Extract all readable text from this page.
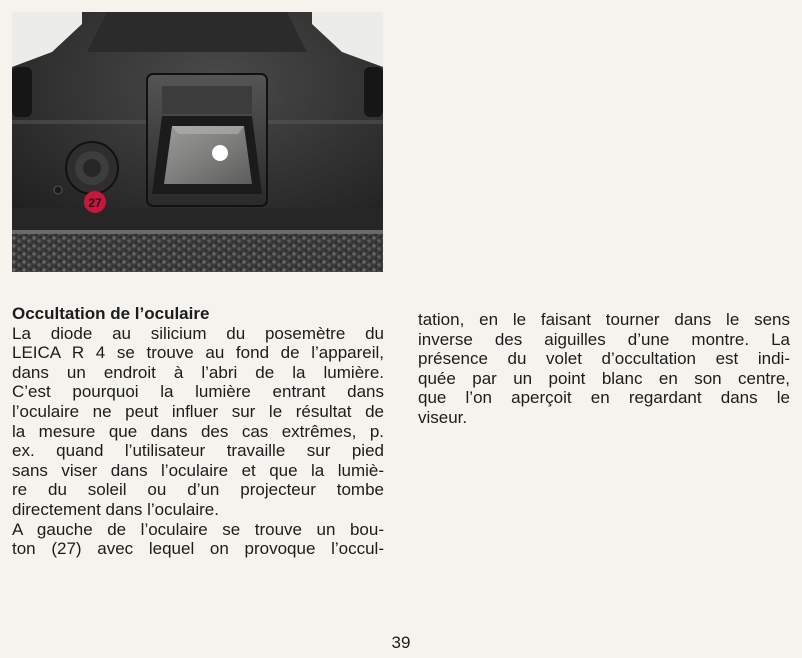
27
Occultation de l’oculaire
La diode au silicium du posemètre du
LEICA R 4 se trouve au fond de l’appareil,
dans un endroit à l’abri de la lumière.
C’est pourquoi la lumière entrant dans
l’oculaire ne peut influer sur le résultat de
la mesure que dans des cas extrêmes, p.
ex. quand l’utilisateur travaille sur pied
sans viser dans l’oculaire et que la lumiè-
re du soleil ou d’un projecteur tombe
directement dans l’oculaire.
A gauche de l’oculaire se trouve un bou-
ton (27) avec lequel on provoque l’occul-
tation, en le faisant tourner dans le sens
inverse des aiguilles d’une montre. La
présence du volet d’occultation est indi-
quée par un point blanc en son centre,
que l’on aperçoit en regardant dans le
viseur.
39
